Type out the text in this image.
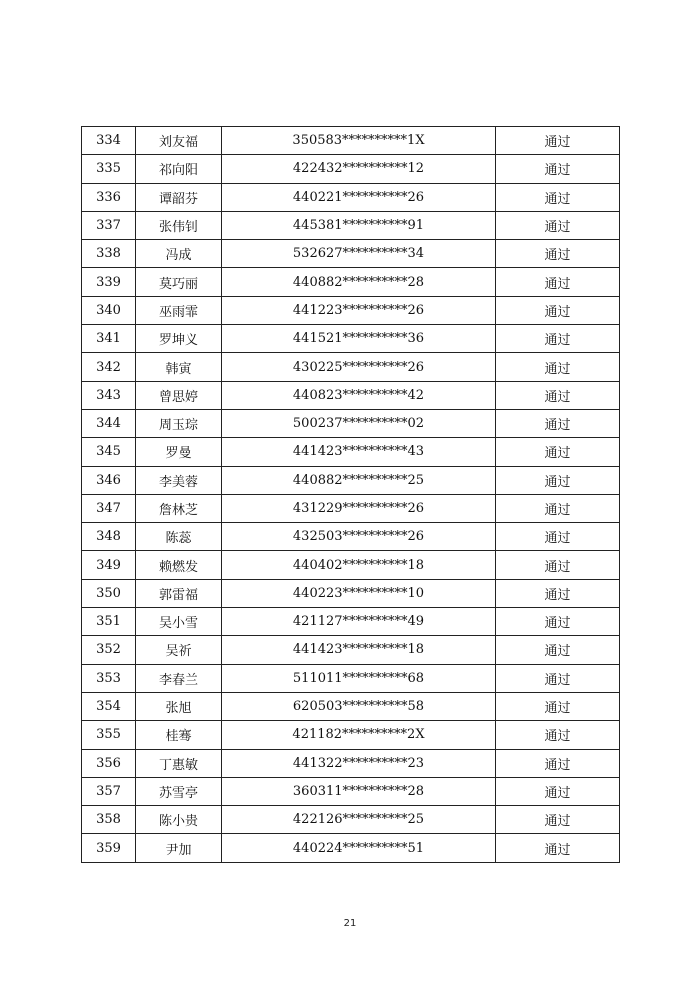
334	刘友福	350583**********1X	通过
335	祁向阳	422432**********12	通过
336	谭韶芬	440221**********26	通过
337	张伟钊	445381**********91	通过
338	冯成	532627**********34	通过
339	莫巧丽	440882**********28	通过
340	巫雨霏	441223**********26	通过
341	罗坤义	441521**********36	通过
342	韩寅	430225**********26	通过
343	曾思婷	440823**********42	通过
344	周玉琮	500237**********02	通过
345	罗曼	441423**********43	通过
346	李美蓉	440882**********25	通过
347	詹林芝	431229**********26	通过
348	陈蕊	432503**********26	通过
349	赖燃发	440402**********18	通过
350	郭雷福	440223**********10	通过
351	吴小雪	421127**********49	通过
352	吴祈	441423**********18	通过
353	李春兰	511011**********68	通过
354	张旭	620503**********58	通过
355	桂骞	421182**********2X	通过
356	丁惠敏	441322**********23	通过
357	苏雪亭	360311**********28	通过
358	陈小贵	422126**********25	通过
359	尹加	440224**********51	通过
21
